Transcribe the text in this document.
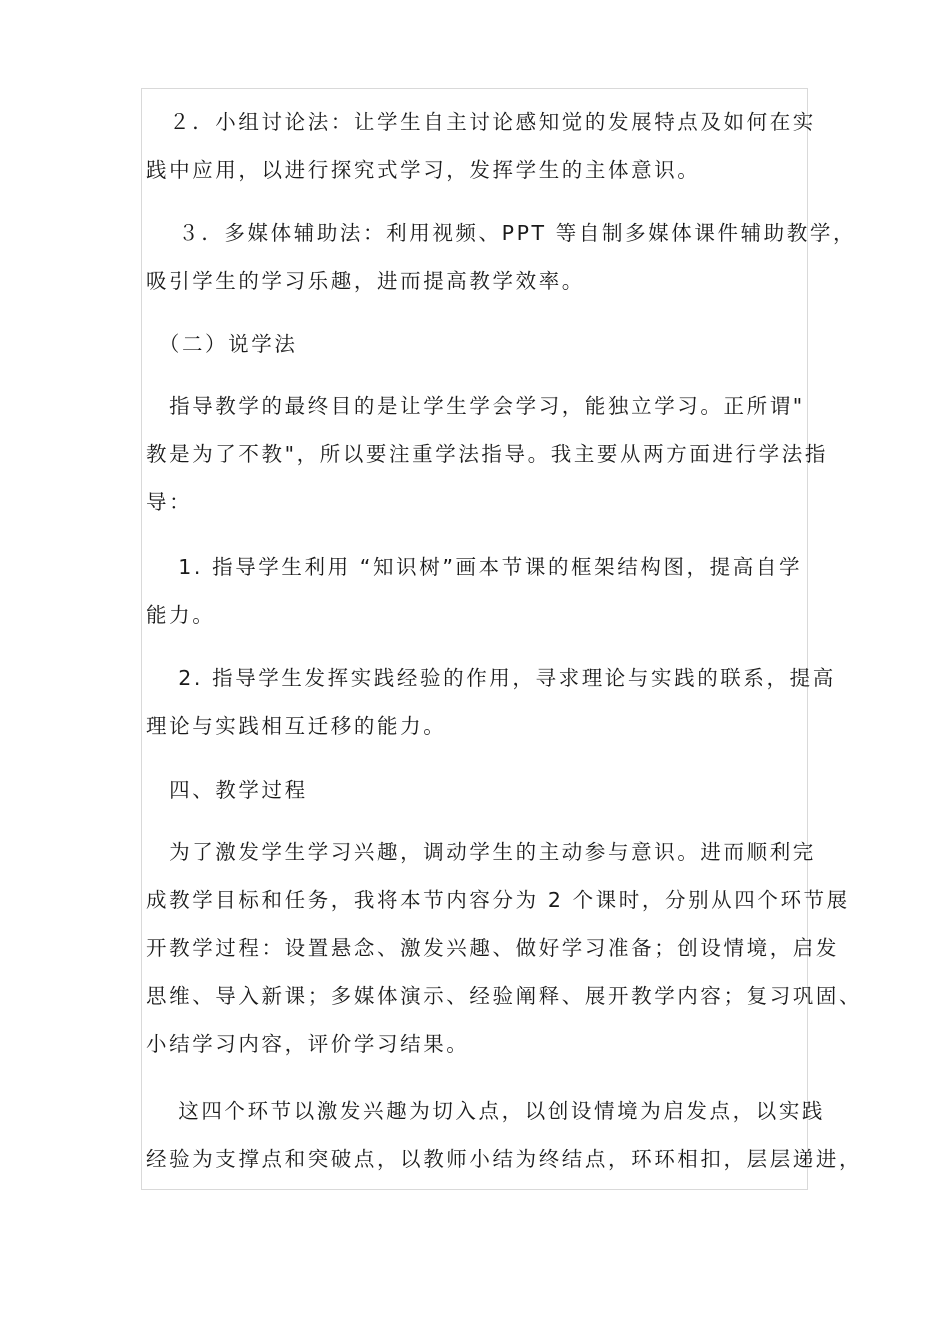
　２．小组讨论法：让学生自主讨论感知觉的发展特点及如何在实
践中应用，以进行探究式学习，发挥学生的主体意识。
　 ３．多媒体辅助法：利用视频、PPT 等自制多媒体课件辅助教学，
吸引学生的学习乐趣，进而提高教学效率。
　（二）说学法
　指导教学的最终目的是让学生学会学习，能独立学习。正所谓"
教是为了不教"，所以要注重学法指导。我主要从两方面进行学法指
导：
　 1. 指导学生利用 “知识树”画本节课的框架结构图，提高自学
能力。
　 2. 指导学生发挥实践经验的作用，寻求理论与实践的联系，提高
理论与实践相互迁移的能力。
　四、教学过程
　为了激发学生学习兴趣，调动学生的主动参与意识。进而顺利完
成教学目标和任务，我将本节内容分为 2 个课时，分别从四个环节展
开教学过程：设置悬念、激发兴趣、做好学习准备；创设情境，启发
思维、导入新课；多媒体演示、经验阐释、展开教学内容；复习巩固、
小结学习内容，评价学习结果。
　 这四个环节以激发兴趣为切入点，以创设情境为启发点，以实践
经验为支撑点和突破点，以教师小结为终结点，环环相扣，层层递进，
